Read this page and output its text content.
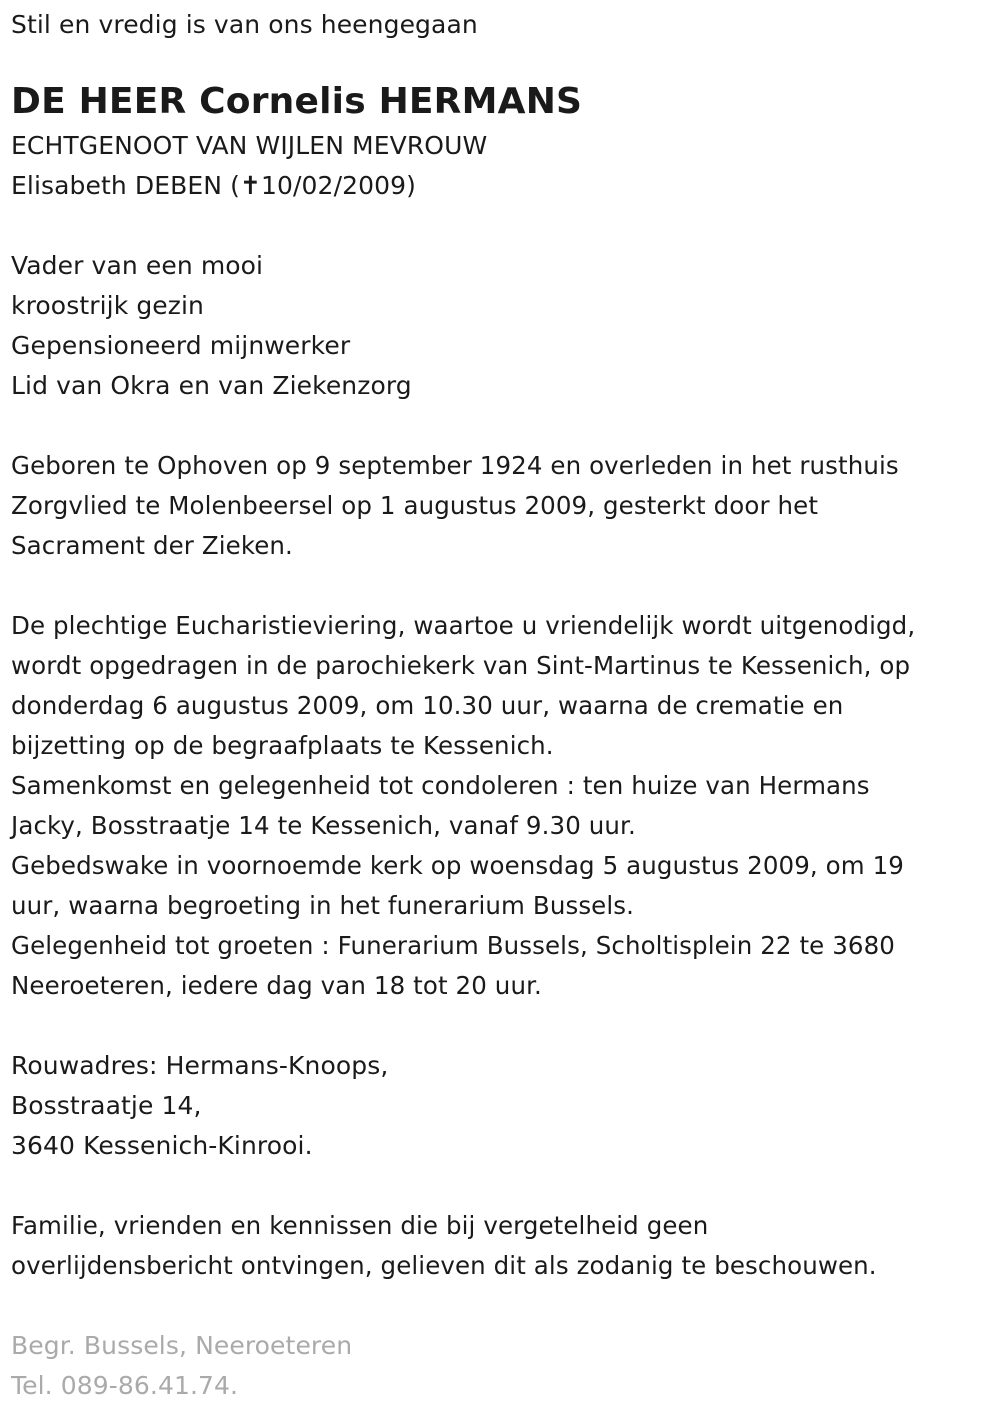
Stil en vredig is van ons heengegaan
DE HEER Cornelis HERMANS
ECHTGENOOT VAN WIJLEN MEVROUW
Elisabeth DEBEN (✝10/02/2009)
Vader van een mooi
kroostrijk gezin
Gepensioneerd mijnwerker
Lid van Okra en van Ziekenzorg
Geboren te Ophoven op 9 september 1924 en overleden in het rusthuis
Zorgvlied te Molenbeersel op 1 augustus 2009, gesterkt door het
Sacrament der Zieken.
De plechtige Eucharistieviering, waartoe u vriendelijk wordt uitgenodigd,
wordt opgedragen in de parochiekerk van Sint-Martinus te Kessenich, op
donderdag 6 augustus 2009, om 10.30 uur, waarna de crematie en
bijzetting op de begraafplaats te Kessenich.
Samenkomst en gelegenheid tot condoleren : ten huize van Hermans
Jacky, Bosstraatje 14 te Kessenich, vanaf 9.30 uur.
Gebedswake in voornoemde kerk op woensdag 5 augustus 2009, om 19
uur, waarna begroeting in het funerarium Bussels.
Gelegenheid tot groeten : Funerarium Bussels, Scholtisplein 22 te 3680
Neeroeteren, iedere dag van 18 tot 20 uur.
Rouwadres: Hermans-Knoops,
Bosstraatje 14,
3640 Kessenich-Kinrooi.
Familie, vrienden en kennissen die bij vergetelheid geen
overlijdensbericht ontvingen, gelieven dit als zodanig te beschouwen.
Begr. Bussels, Neeroeteren
Tel. 089-86.41.74.
